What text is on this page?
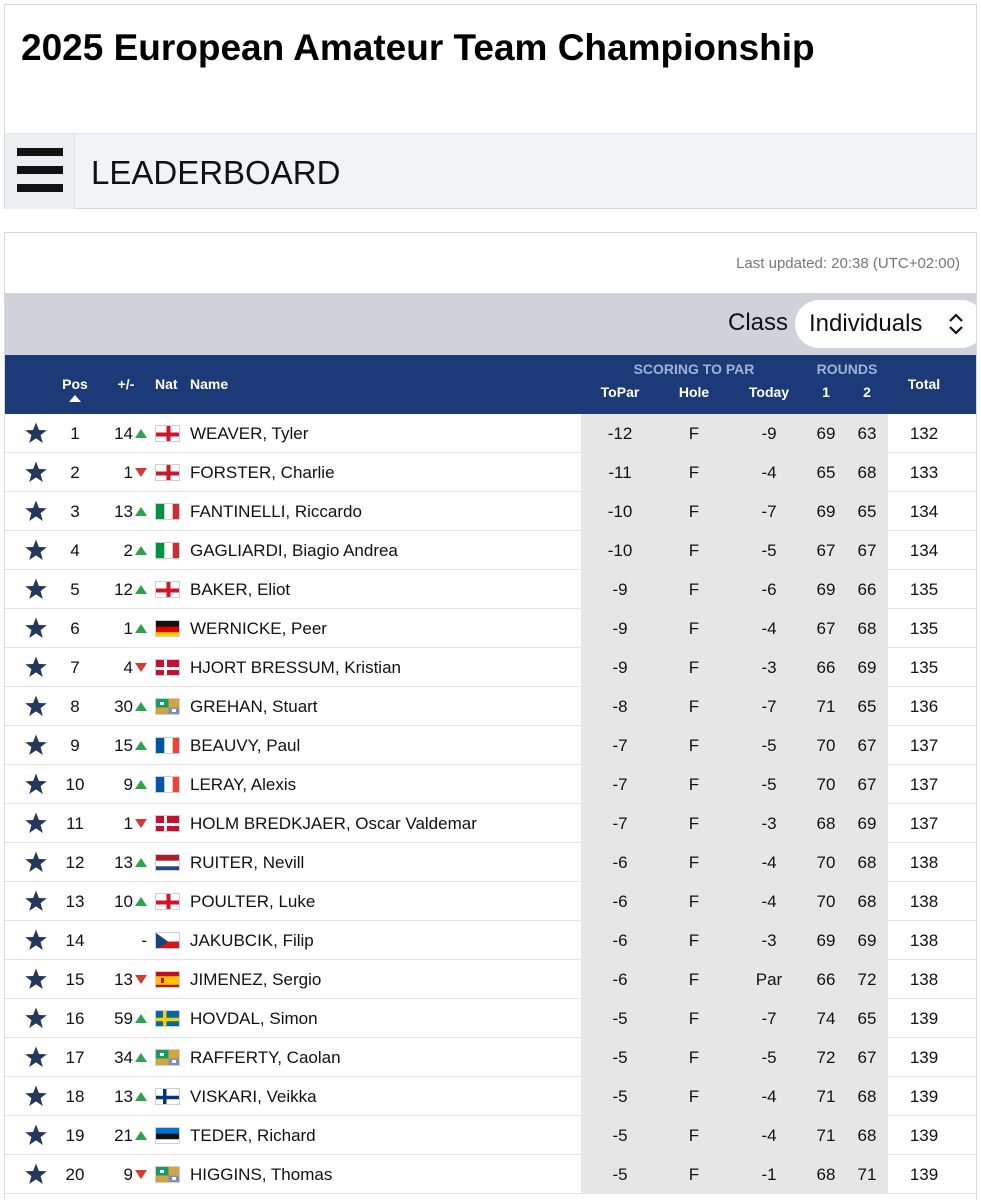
2025 European Amateur Team Championship
LEADERBOARD
Last updated: 20:38 (UTC+02:00)
Class Individuals
Pos	+/-	Nat Name
SCORING TO PAR
ToPar	Hole	Today
ROUNDS
1	2	Total
1	14	WEAVER, Tyler	-12	F	-9	69	63	132
2	1	FORSTER, Charlie	-11	F	-4	65	68	133
3	13	FANTINELLI, Riccardo	-10	F	-7	69	65	134
4	2	GAGLIARDI, Biagio Andrea	-10	F	-5	67	67	134
5	12	BAKER, Eliot	-9	F	-6	69	66	135
6	1	WERNICKE, Peer	-9	F	-4	67	68	135
7	4	HJORT BRESSUM, Kristian	-9	F	-3	66	69	135
8	30	GREHAN, Stuart	-8	F	-7	71	65	136
9	15	BEAUVY, Paul	-7	F	-5	70	67	137
10	9	LERAY, Alexis	-7	F	-5	70	67	137
11	1	HOLM BREDKJAER, Oscar Valdemar	-7	F	-3	68	69	137
12	13	RUITER, Nevill	-6	F	-4	70	68	138
13	10	POULTER, Luke	-6	F	-4	70	68	138
14	-	JAKUBCIK, Filip	-6	F	-3	69	69	138
15	13	JIMENEZ, Sergio	-6	F	Par	66	72	138
16	59	HOVDAL, Simon	-5	F	-7	74	65	139
17	34	RAFFERTY, Caolan	-5	F	-5	72	67	139
18	13	VISKARI, Veikka	-5	F	-4	71	68	139
19	21	TEDER, Richard	-5	F	-4	71	68	139
20	9	HIGGINS, Thomas	-5	F	-1	68	71	139
